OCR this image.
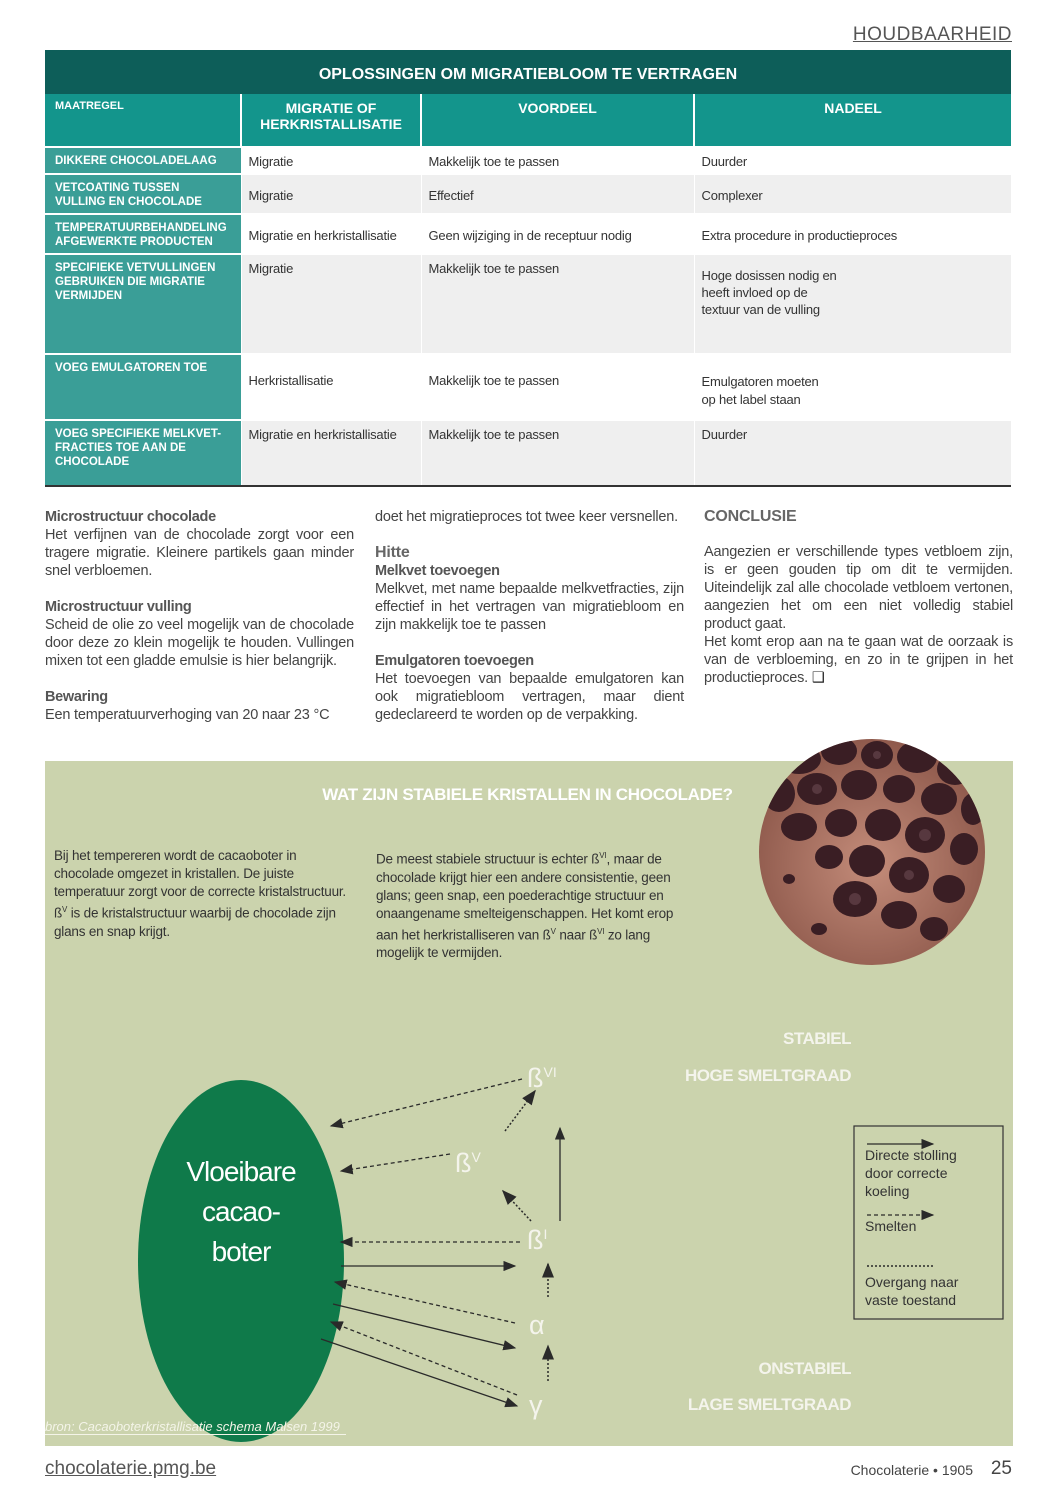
HOUDBAARHEID
OPLOSSINGEN OM MIGRATIEBLOOM TE VERTRAGEN			
MAATREGEL	MIGRATIE OF HERKRISTALLISATIE	VOORDEEL	NADEEL
DIKKERE CHOCOLADELAAG	Migratie	Makkelijk toe te passen	Duurder
VETCOATING TUSSEN VULLING EN CHOCOLADE	Migratie	Effectief	Complexer
TEMPERATUURBEHANDELING AFGEWERKTE PRODUCTEN	Migratie en herkristallisatie	Geen wijziging in de receptuur nodig	Extra procedure in productieproces
SPECIFIEKE VETVULLINGEN GEBRUIKEN DIE MIGRATIE VERMIJDEN	Migratie	Makkelijk toe te passen	Hoge dosissen nodig en heeft invloed op de textuur van de vulling

VOEG EMULGATOREN TOE	Herkristallisatie	Makkelijk toe te passen	Emulgatoren moeten op het label staan

VOEG SPECIFIEKE MELKVET-FRACTIES TOE AAN DE CHOCOLADE	Migratie en herkristallisatie	Makkelijk toe te passen	Duurder
Microstructuur chocolade

Het verfijnen van de chocolade zorgt voor een tragere migratie. Kleinere partikels gaan minder snel verbloemen.

Microstructuur vulling

Scheid de olie zo veel mogelijk van de chocolade door deze zo klein mogelijk te houden. Vullingen mixen tot een gladde emulsie is hier belangrijk.

Bewaring

Een temperatuurverhoging van 20 naar 23 °C

doet het migratieproces tot twee keer versnellen.

Hitte
Melkvet toevoegen

Melkvet, met name bepaalde melkvetfracties, zijn effectief in het vertragen van migratiebloom en zijn makkelijk toe te passen

Emulgatoren toevoegen

Het toevoegen van bepaalde emulgatoren kan ook migratiebloom vertragen, maar dient gedeclareerd te worden op de verpakking.

CONCLUSIE

Aangezien er verschillende types vetbloem zijn, is er geen gouden tip om dit te vermijden. Uiteindelijk zal alle chocolade vetbloem vertonen, aangezien het om een niet volledig stabiel product gaat.

Het komt erop aan na te gaan wat de oorzaak is van de verbloeming, en zo in te grijpen in het productieproces. ❑

WAT ZIJN STABIELE KRISTALLEN IN CHOCOLADE?

Bij het tempereren wordt de cacaoboter in chocolade omgezet in kristallen. De juiste temperatuur zorgt voor de correcte kristalstructuur.

$ß^V$ is de kristalstructuur waarbij de chocolade zijn glans en snap krijgt.

De meest stabiele structuur is echter $ß^{VI}$, maar de chocolade krijgt hier een andere consistentie, geen glans; geen snap, een poederachtige structuur en onaangename smelteigenschappen. Het komt erop aan het herkristalliseren van $ß^V$ naar $ß^{VI}$ zo lang mogelijk te vermijden.

Vloeibare
cacao-
boter
$ß^{VI}$
$ß^V$
$ß^I$
α
γ
STABIEL
HOGE SMELTGRAAD
ONSTABIEL
LAGE SMELTGRAAD
Directe stolling
door correcte
koeling
Smelten
Overgang naar
vaste toestand
bron: Cacaoboterkristallisatie schema Malsen 1999
chocolaterie.pmg.be	Chocolaterie • 1905 25
